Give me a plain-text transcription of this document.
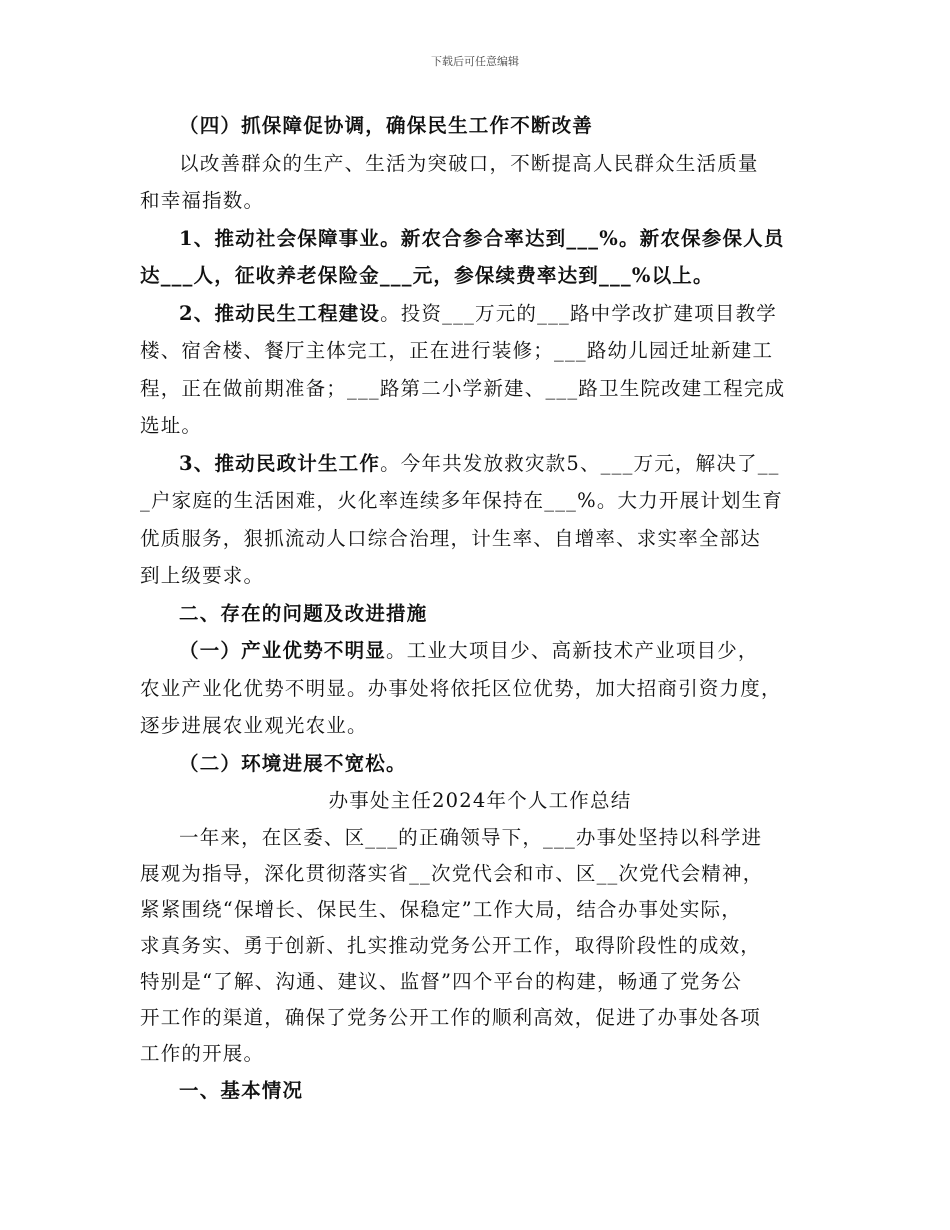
下载后可任意编辑

（四）抓保障促协调，确保民生工作不断改善

以改善群众的生产、生活为突破口，不断提高人民群众生活质量

和幸福指数。

1、推动社会保障事业。新农合参合率达到___%。新农保参保人员

达___人，征收养老保险金___元，参保续费率达到___%以上。

2、推动民生工程建设。投资___万元的___路中学改扩建项目教学

楼、宿舍楼、餐厅主体完工，正在进行装修；___路幼儿园迁址新建工

程，正在做前期准备；___路第二小学新建、___路卫生院改建工程完成

选址。

3、推动民政计生工作。今年共发放救灾款5、___万元，解决了__

_户家庭的生活困难，火化率连续多年保持在___%。大力开展计划生育

优质服务，狠抓流动人口综合治理，计生率、自增率、求实率全部达

到上级要求。

二、存在的问题及改进措施

（一）产业优势不明显。工业大项目少、高新技术产业项目少，

农业产业化优势不明显。办事处将依托区位优势，加大招商引资力度，

逐步进展农业观光农业。

（二）环境进展不宽松。

办事处主任2024年个人工作总结

一年来，在区委、区___的正确领导下，___办事处坚持以科学进

展观为指导，深化贯彻落实省__次党代会和市、区__次党代会精神，

紧紧围绕“保增长、保民生、保稳定”工作大局，结合办事处实际，

求真务实、勇于创新、扎实推动党务公开工作，取得阶段性的成效，

特别是“了解、沟通、建议、监督”四个平台的构建，畅通了党务公

开工作的渠道，确保了党务公开工作的顺利高效，促进了办事处各项

工作的开展。

一、基本情况
